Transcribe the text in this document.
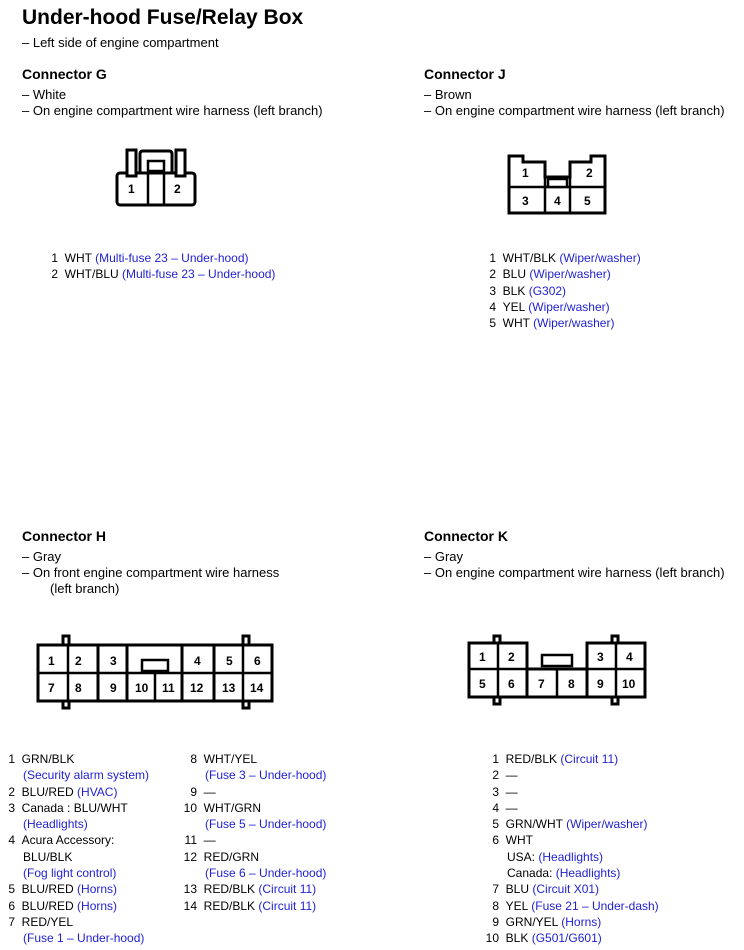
Under-hood Fuse/Relay Box
– Left side of engine compartment
Connector G
– White
– On engine compartment wire harness (left branch)
Connector J
– Brown
– On engine compartment wire harness (left branch)
Connector H
– Gray
– On front engine compartment wire harness
(left branch)
Connector K
– Gray
– On engine compartment wire harness (left branch)
1	2
1	2
3 4 5
1 2 3	4 5 6
7 8 9 10 11 12 13 14
1 2	3 4
5 6 7 8 9 10
1 WHT (Multi-fuse 23 – Under-hood)
2 WHT/BLU (Multi-fuse 23 – Under-hood)
1 WHT/BLK (Wiper/washer)
2 BLU (Wiper/washer)
3 BLK (G302)
4 YEL (Wiper/washer)
5 WHT (Wiper/washer)
1 GRN/BLK
(Security alarm system)
2 BLU/RED (HVAC)
3 Canada : BLU/WHT
(Headlights)
4 Acura Accessory:
BLU/BLK
(Fog light control)
5 BLU/RED (Horns)
6 BLU/RED (Horns)
7 RED/YEL
(Fuse 1 – Under-hood)
8 WHT/YEL
(Fuse 3 – Under-hood)
9 —
10 WHT/GRN
(Fuse 5 – Under-hood)
11 —
12 RED/GRN
(Fuse 6 – Under-hood)
13 RED/BLK (Circuit 11)
14 RED/BLK (Circuit 11)
1 RED/BLK (Circuit 11)
2 —
3 —
4 —
5 GRN/WHT (Wiper/washer)
6 WHT
USA: (Headlights)
Canada: (Headlights)
7 BLU (Circuit X01)
8 YEL (Fuse 21 – Under-dash)
9 GRN/YEL (Horns)
10 BLK (G501/G601)
